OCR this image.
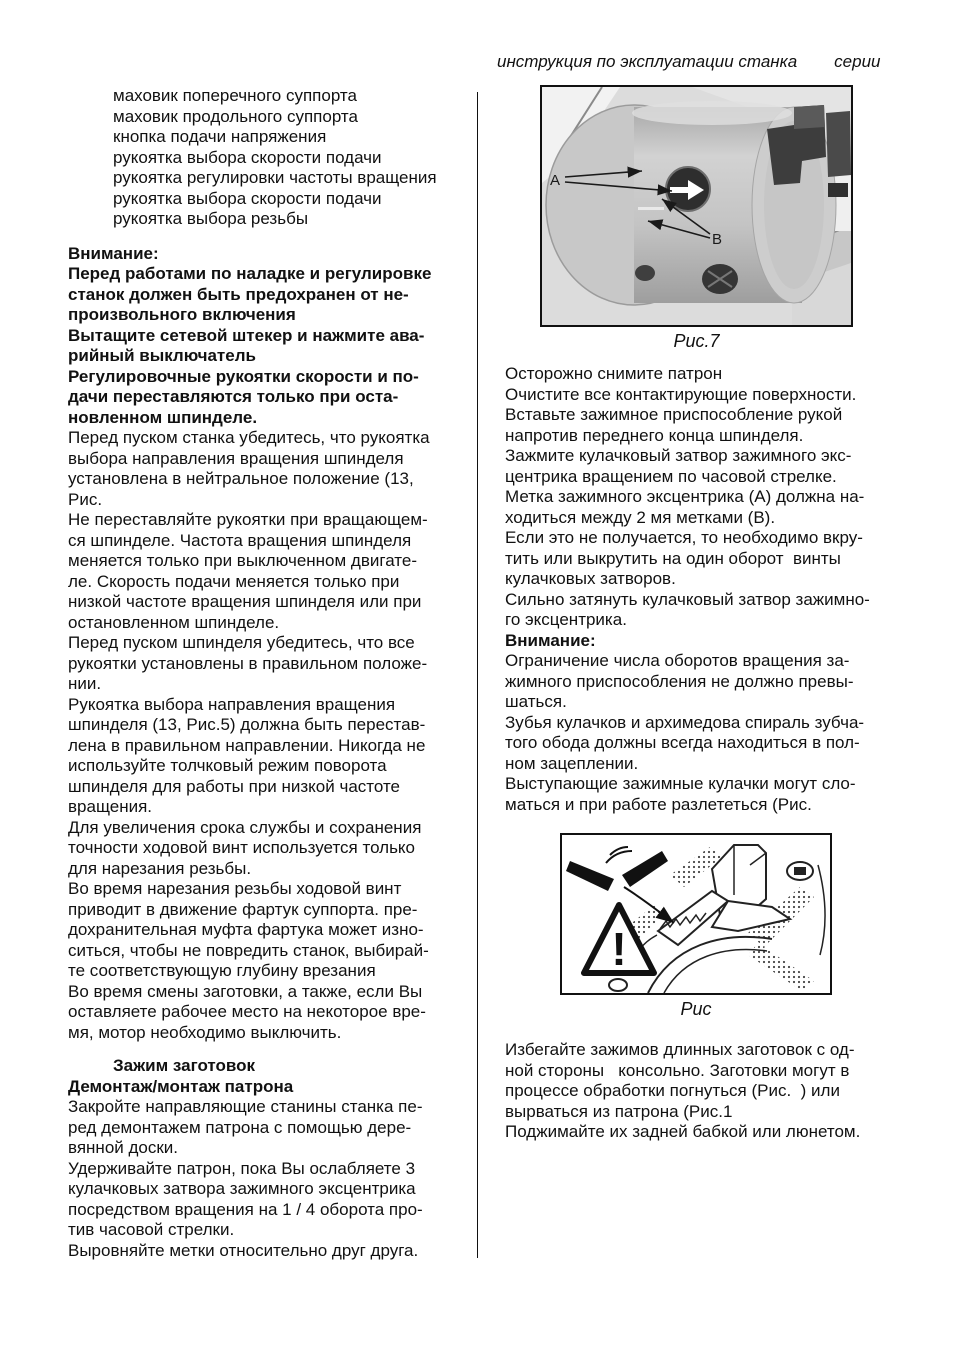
инструкция по эксплуатации станка серии
маховик поперечного суппорта
маховик продольного суппорта
кнопка подачи напряжения
рукоятка выбора скорости подачи
рукоятка регулировки частоты вращения
рукоятка выбора скорости подачи
рукоятка выбора резьбы
Внимание:
Перед работами по наладке и регулировке
станок должен быть предохранен от не-
произвольного включения
Вытащите сетевой штекер и нажмите ава-
рийный выключатель
Регулировочные рукоятки скорости и по-
дачи переставляются только при оста-
новленном шпинделе.
Перед пуском станка убедитесь, что рукоятка
выбора направления вращения шпинделя
установлена в нейтральное положение (13,
Рис.
Не переставляйте рукоятки при вращающем-
ся шпинделе. Частота вращения шпинделя
меняется только при выключенном двигате-
ле. Скорость подачи меняется только при
низкой частоте вращения шпинделя или при
остановленном шпинделе.
Перед пуском шпинделя убедитесь, что все
рукоятки установлены в правильном положе-
нии.
Рукоятка выбора направления вращения
шпинделя (13, Рис.5) должна быть перестав-
лена в правильном направлении. Никогда не
используйте толчковый режим поворота
шпинделя для работы при низкой частоте
вращения.
Для увеличения срока службы и сохранения
точности ходовой винт используется только
для нарезания резьбы.
Во время нарезания резьбы ходовой винт
приводит в движение фартук суппорта. пре-
дохранительная муфта фартука может изно-
ситься, чтобы не повредить станок, выбирай-
те соответствующую глубину врезания
Во время смены заготовки, а также, если Вы
оставляете рабочее место на некоторое вре-
мя, мотор необходимо выключить.
Зажим заготовок
Демонтаж/монтаж патрона
Закройте направляющие станины станка пе-
ред демонтажем патрона с помощью дере-
вянной доски.
Удерживайте патрон, пока Вы ослабляете 3
кулачковых затвора зажимного эксцентрика
посредством вращения на 1 / 4 оборота про-
тив часовой стрелки.
Выровняйте метки относительно друг друга.
A
B
Рис.7
Осторожно снимите патрон
Очистите все контактирующие поверхности.
Вставьте зажимное приспособление рукой
напротив переднего конца шпинделя.
Зажмите кулачковый затвор зажимного экс-
центрика вращением по часовой стрелке.
Метка зажимного эксцентрика (А) должна на-
ходиться между 2 мя метками (В).
Если это не получается, то необходимо вкру-
тить или выкрутить на один оборот  винты
кулачковых затворов.
Сильно затянуть кулачковый затвор зажимно-
го эксцентрика.
Внимание:
Ограничение числа оборотов вращения за-
жимного приспособления не должно превы-
шаться.
Зубья кулачков и архимедова спираль зубча-
того обода должны всегда находиться в пол-
ном зацеплении.
Выступающие зажимные кулачки могут сло-
маться и при работе разлететься (Рис.
!
Рис
Избегайте зажимов длинных заготовок с од-
ной стороны   консольно. Заготовки могут в
процессе обработки погнуться (Рис.  ) или
вырваться из патрона (Рис.1
Поджимайте их задней бабкой или люнетом.
